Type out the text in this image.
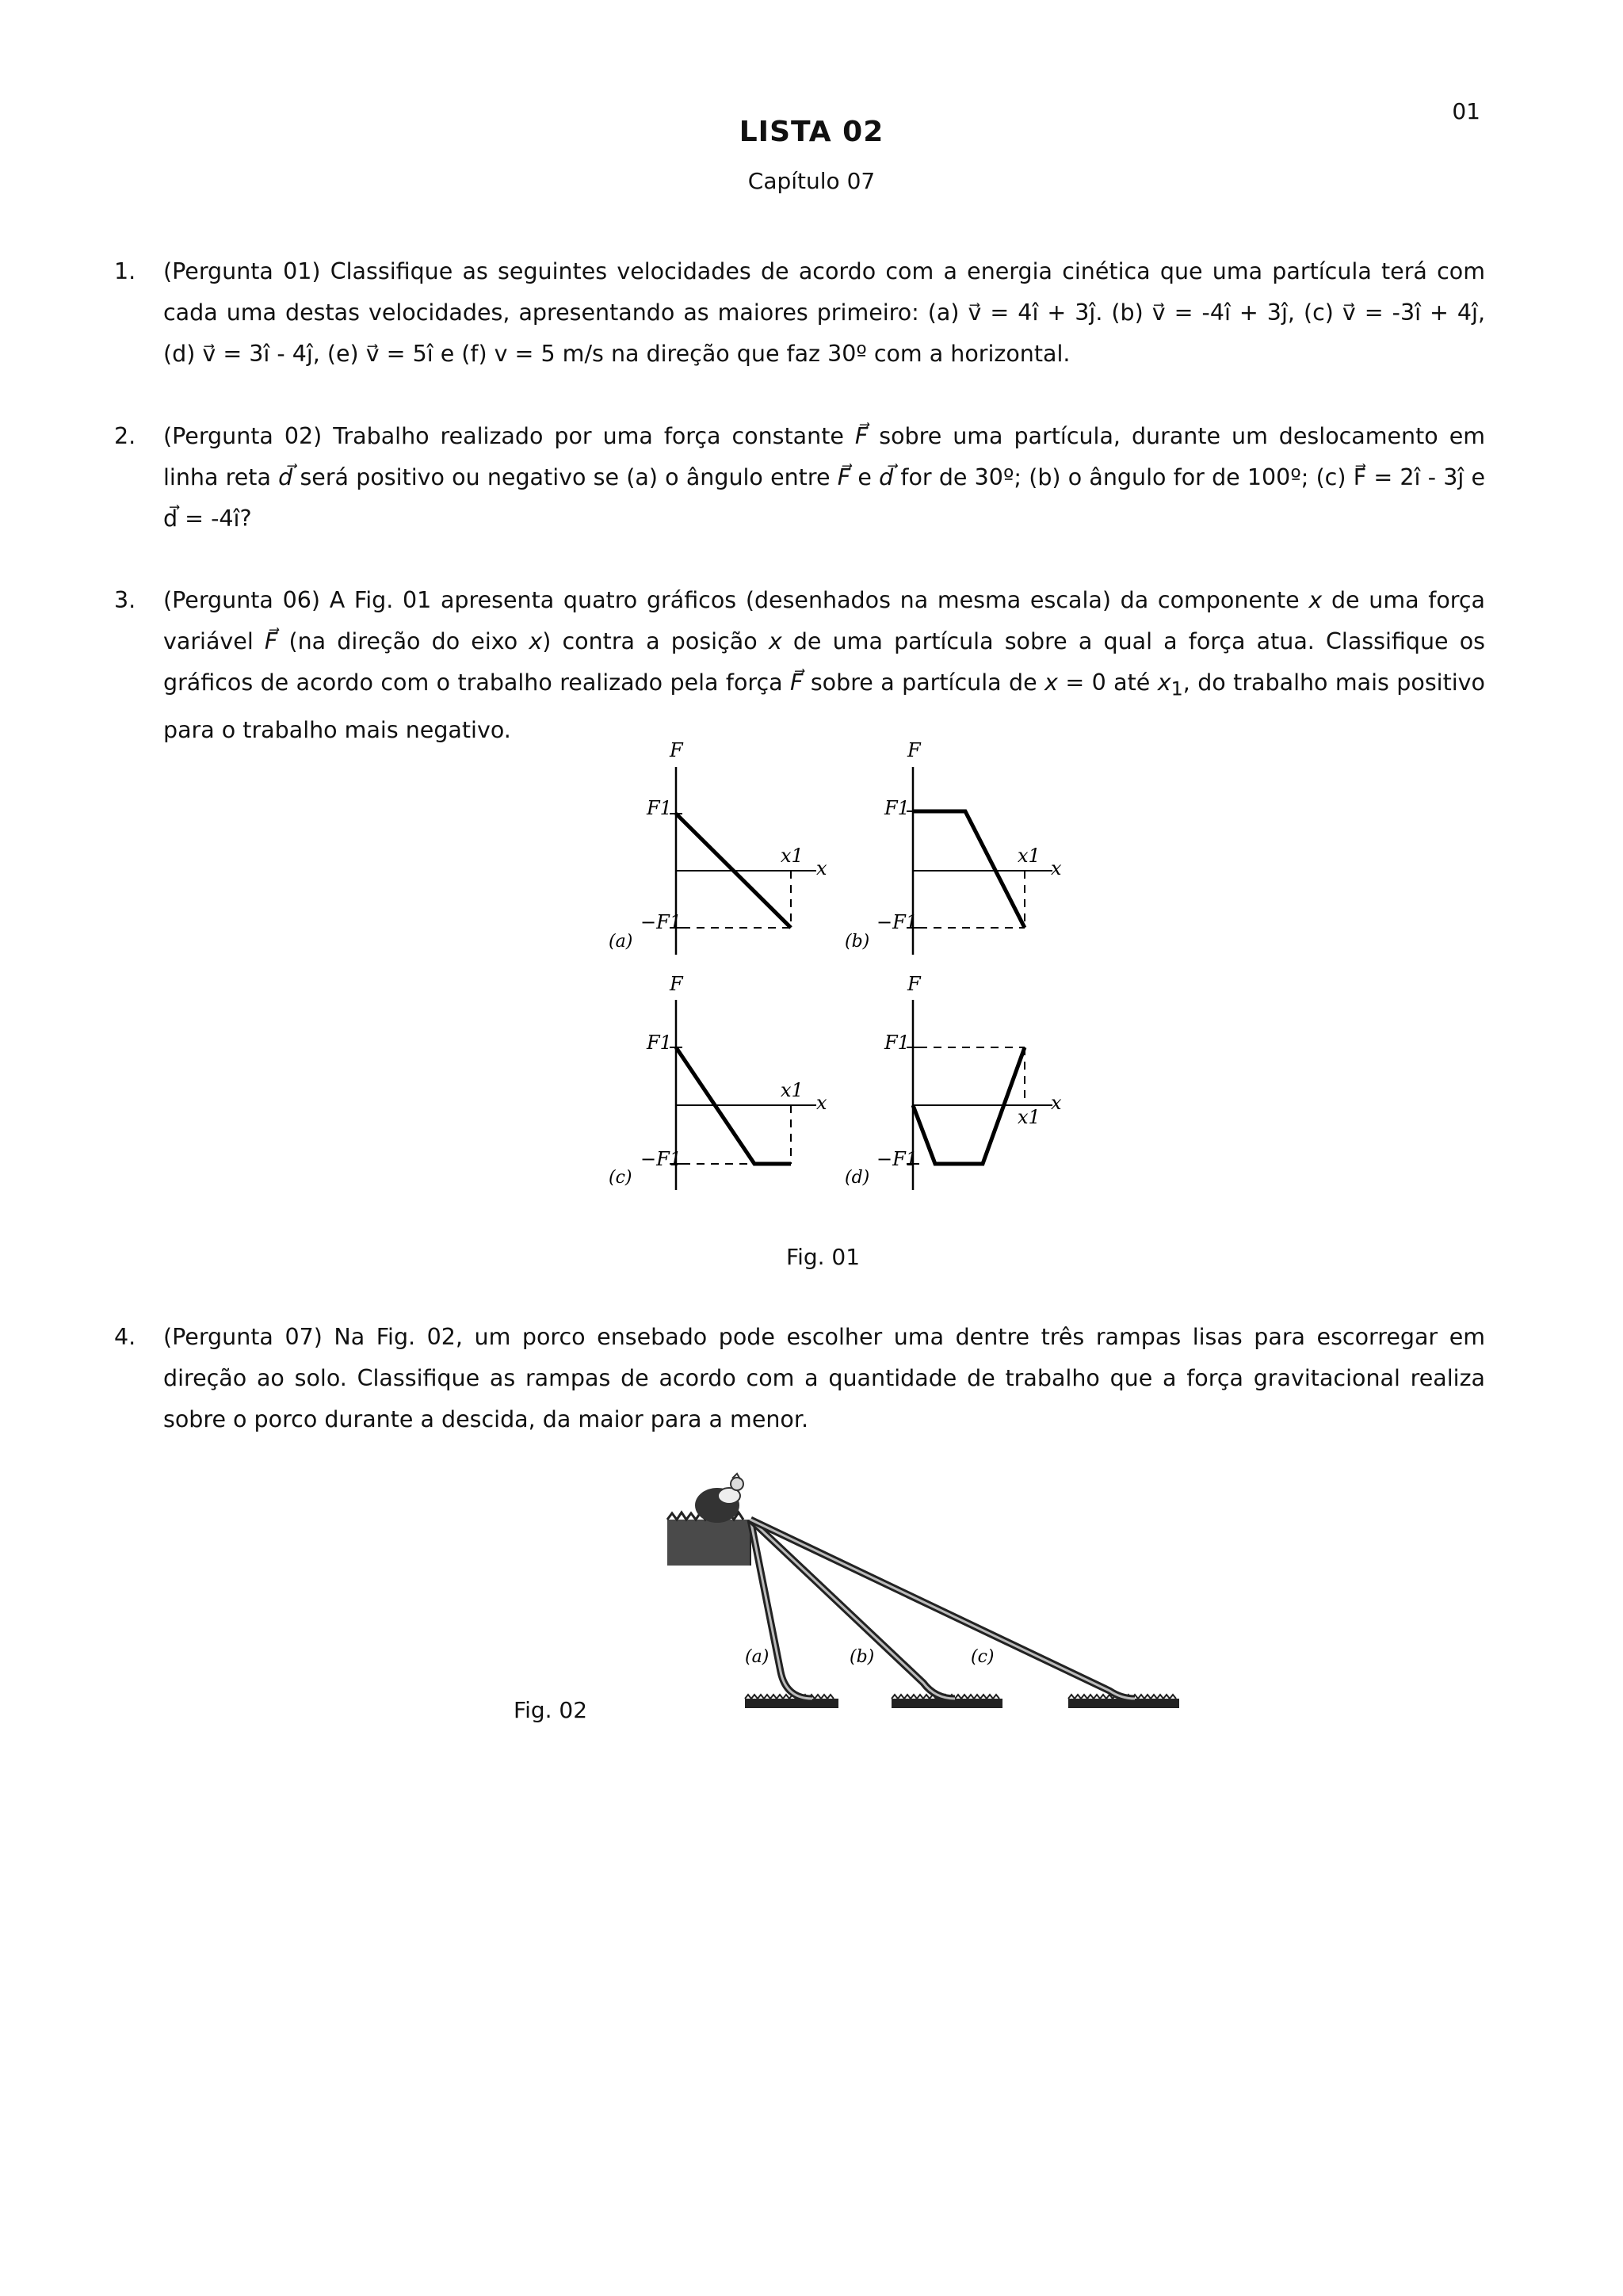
01
LISTA 02
Capítulo 07
1. (Pergunta 01) Classifique as seguintes velocidades de acordo com a energia cinética que uma partícula terá com cada uma destas velocidades, apresentando as maiores primeiro: (a) v⃗ = 4î + 3ĵ. (b) v⃗ = -4î + 3ĵ, (c) v⃗ = -3î + 4ĵ, (d) v⃗ = 3î - 4ĵ, (e) v⃗ = 5î e (f) v = 5 m/s na direção que faz 30º com a horizontal.
2. (Pergunta 02) Trabalho realizado por uma força constante F⃗ sobre uma partícula, durante um deslocamento em linha reta d⃗ será positivo ou negativo se (a) o ângulo entre F⃗ e d⃗ for de 30º; (b) o ângulo for de 100º; (c) F⃗ = 2î - 3ĵ e d⃗ = -4î?
3. (Pergunta 06) A Fig. 01 apresenta quatro gráficos (desenhados na mesma escala) da componente x de uma força variável F⃗ (na direção do eixo x) contra a posição x de uma partícula sobre a qual a força atua. Classifique os gráficos de acordo com o trabalho realizado pela força F⃗ sobre a partícula de x = 0 até $x_1$, do trabalho mais positivo para o trabalho mais negativo.
F
F1
−F1
x1
x
(a)
F
F1
−F1
x1
x
(b)
F
F1
−F1
x1
x
(c)
F
F1
−F1
x1
x
(d)
Fig. 01
4. (Pergunta 07) Na Fig. 02, um porco ensebado pode escolher uma dentre três rampas lisas para escorregar em direção ao solo. Classifique as rampas de acordo com a quantidade de trabalho que a força gravitacional realiza sobre o porco durante a descida, da maior para a menor.
(a)	(b)	(c)
Fig. 02
